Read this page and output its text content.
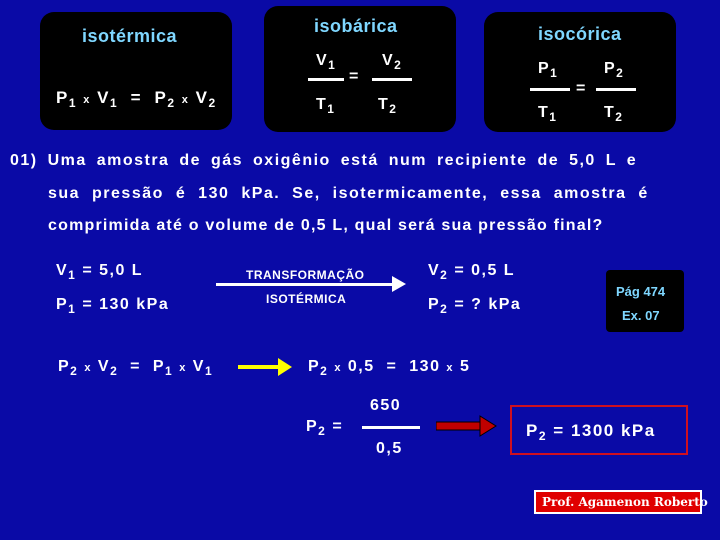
isotérmica
$P_1$ x $V_1 = P_2$ x $V_2$
isobárica
$V_1$
$T_1$
=
$V_2$
$T_2$
isocórica
$P_1$
$T_1$
=
$P_2$
$T_2$
01) Uma amostra de gás oxigênio está num recipiente de 5,0 L e
sua pressão é 130 kPa. Se, isotermicamente, essa amostra é
comprimida até o volume de 0,5 L, qual será sua pressão final?
$V_1 = 5,0$ L
$P_1 = 130$ kPa
TRANSFORMAÇÃO
ISOTÉRMICA
$V_2 = 0,5$ L
$P_2$ = ? kPa
Pág 474
Ex. 07
$P_2$ x $V_2 = P_1$ x $V_1$	$P_2$ x 0,5 = 130 x 5
$P_2$ =
650
0,5
$P_2 = 1300$ kPa
Prof. Agamenon Roberto
